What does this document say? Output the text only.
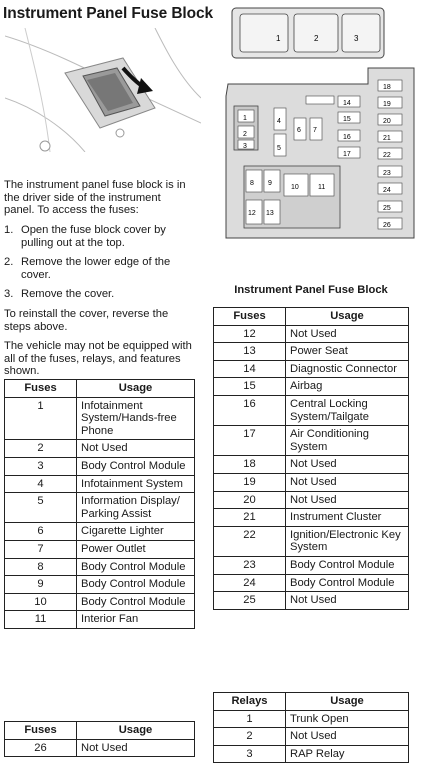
Instrument Panel Fuse Block
The instrument panel fuse block is in the driver side of the instrument panel. To access the fuses:
1. Open the fuse block cover by pulling out at the top.
2. Remove the lower edge of the cover.
3. Remove the cover.
To reinstall the cover, reverse the steps above.
The vehicle may not be equipped with all of the fuses, relays, and features shown.
1	2	3
1
2
3
4
5
6 7
8 9
10	11
12 13
14
15
16
17
18
19
20
21
22
23
24
25
26
Instrument Panel Fuse Block
Fuses	Usage
1	Infotainment System/Hands-free Phone
2	Not Used
3	Body Control Module
4	Infotainment System
5	Information Display/ Parking Assist
6	Cigarette Lighter
7	Power Outlet
8	Body Control Module
9	Body Control Module
10	Body Control Module
11	Interior Fan
Fuses	Usage
26	Not Used
Fuses	Usage
12	Not Used
13	Power Seat
14	Diagnostic Connector
15	Airbag
16	Central Locking System/Tailgate
17	Air Conditioning System
18	Not Used
19	Not Used
20	Not Used
21	Instrument Cluster
22	Ignition/Electronic Key System
23	Body Control Module
24	Body Control Module
25	Not Used
Relays	Usage
1	Trunk Open
2	Not Used
3	RAP Relay
